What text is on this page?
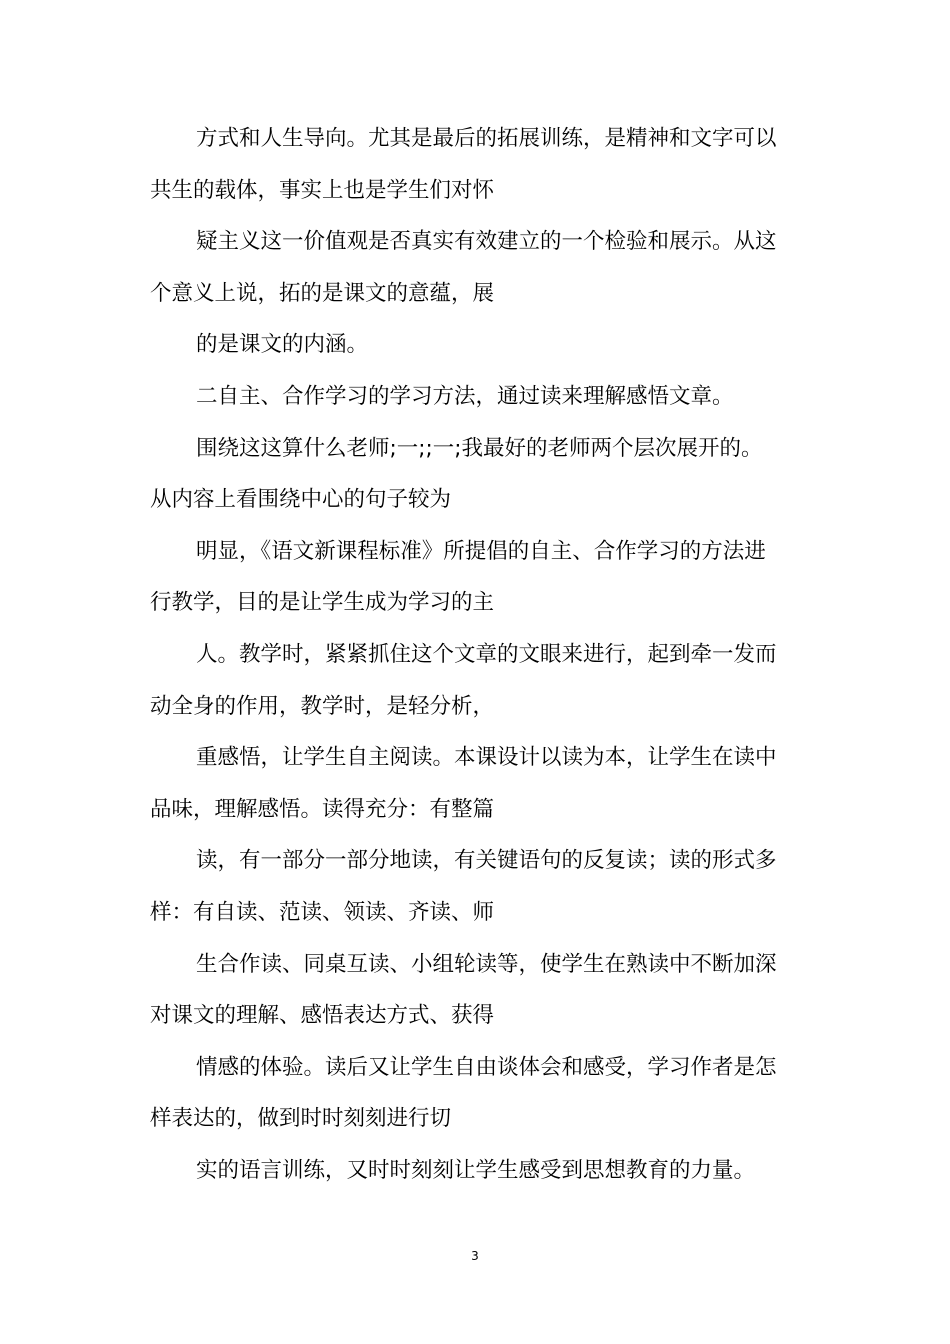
方式和人生导向。尤其是最后的拓展训练，是精神和文字可以
共生的载体，事实上也是学生们对怀

疑主义这一价值观是否真实有效建立的一个检验和展示。从这
个意义上说，拓的是课文的意蕴，展

的是课文的内涵。

二自主、合作学习的学习方法，通过读来理解感悟文章。

围绕这这算什么老师;一;;一;我最好的老师两个层次展开的。
从内容上看围绕中心的句子较为

明显，《语文新课程标准》所提倡的自主、合作学习的方法进
行教学，目的是让学生成为学习的主

人。教学时，紧紧抓住这个文章的文眼来进行，起到牵一发而
动全身的作用，教学时，是轻分析，

重感悟，让学生自主阅读。本课设计以读为本，让学生在读中
品味，理解感悟。读得充分：有整篇

读，有一部分一部分地读，有关键语句的反复读；读的形式多
样：有自读、范读、领读、齐读、师

生合作读、同桌互读、小组轮读等，使学生在熟读中不断加深
对课文的理解、感悟表达方式、获得

情感的体验。读后又让学生自由谈体会和感受，学习作者是怎
样表达的，做到时时刻刻进行切

实的语言训练，又时时刻刻让学生感受到思想教育的力量。

3
